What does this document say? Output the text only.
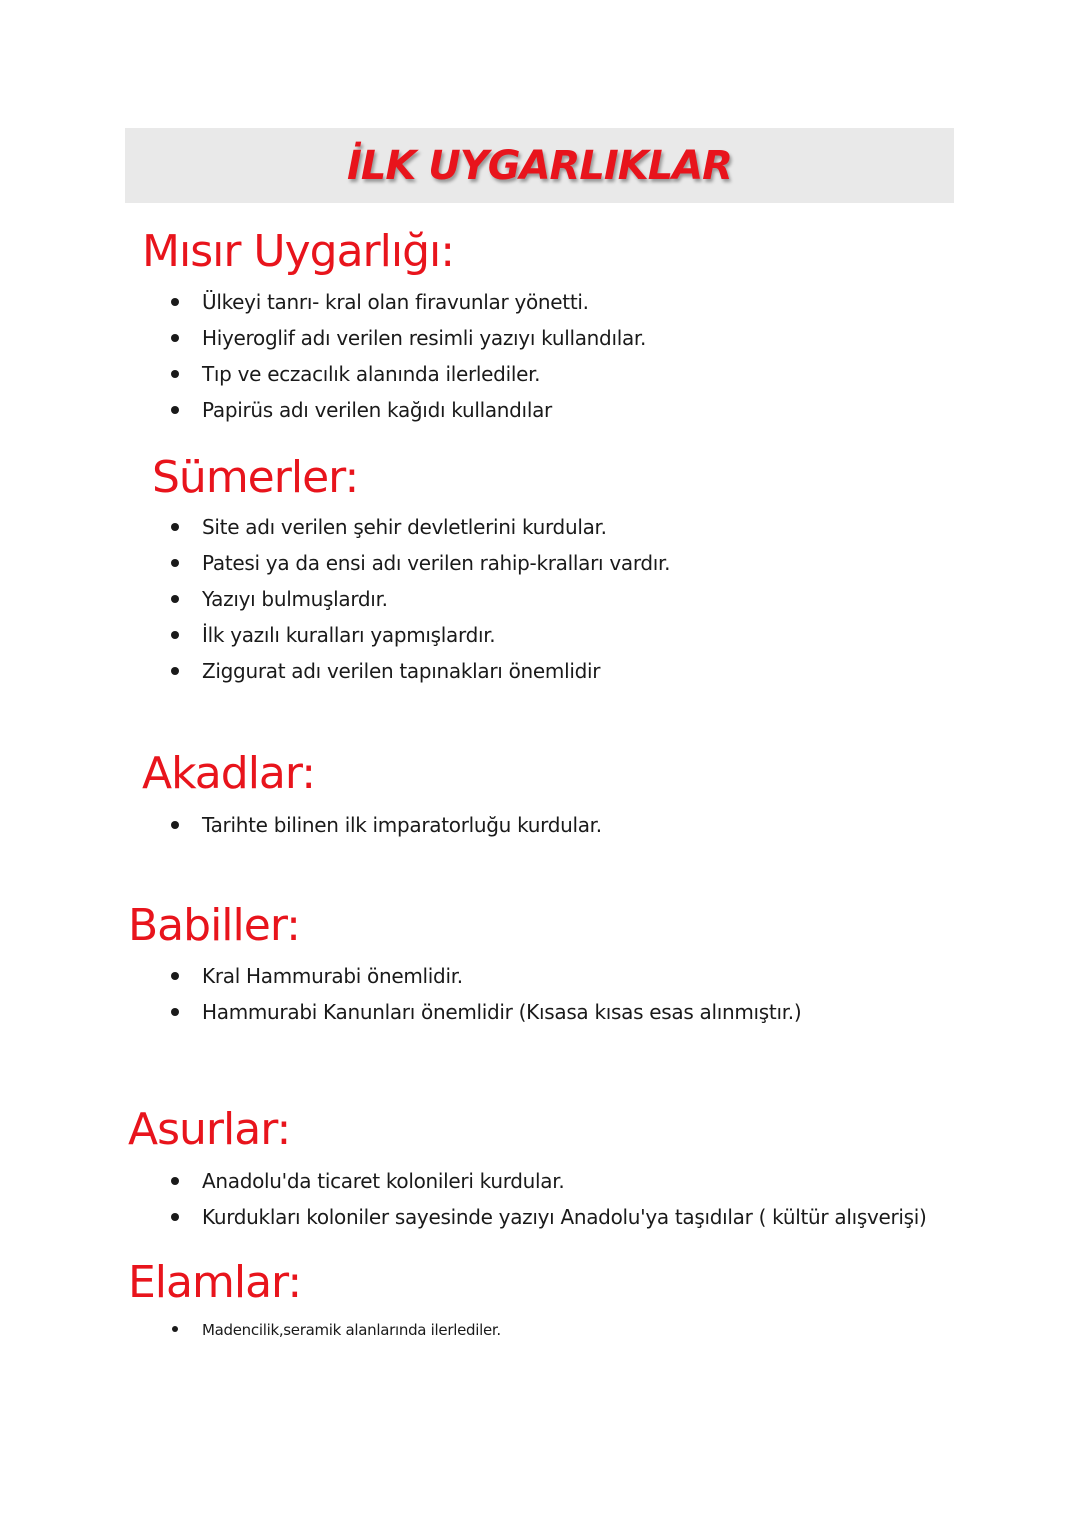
İLK UYGARLIKLAR
Mısır Uygarlığı:
Ülkeyi tanrı- kral olan firavunlar yönetti.
Hiyeroglif adı verilen resimli yazıyı kullandılar.
Tıp ve eczacılık alanında ilerlediler.
Papirüs adı verilen kağıdı kullandılar
Sümerler:
Site adı verilen şehir devletlerini kurdular.
Patesi ya da ensi adı verilen rahip-kralları vardır.
Yazıyı bulmuşlardır.
İlk yazılı kuralları yapmışlardır.
Ziggurat adı verilen tapınakları önemlidir
Akadlar:
Tarihte bilinen ilk imparatorluğu kurdular.
Babiller:
Kral Hammurabi önemlidir.
Hammurabi Kanunları önemlidir (Kısasa kısas esas alınmıştır.)
Asurlar:
Anadolu'da ticaret kolonileri kurdular.
Kurdukları koloniler sayesinde yazıyı Anadolu'ya taşıdılar ( kültür alışverişi)
Elamlar:
Madencilik,seramik alanlarında ilerlediler.
